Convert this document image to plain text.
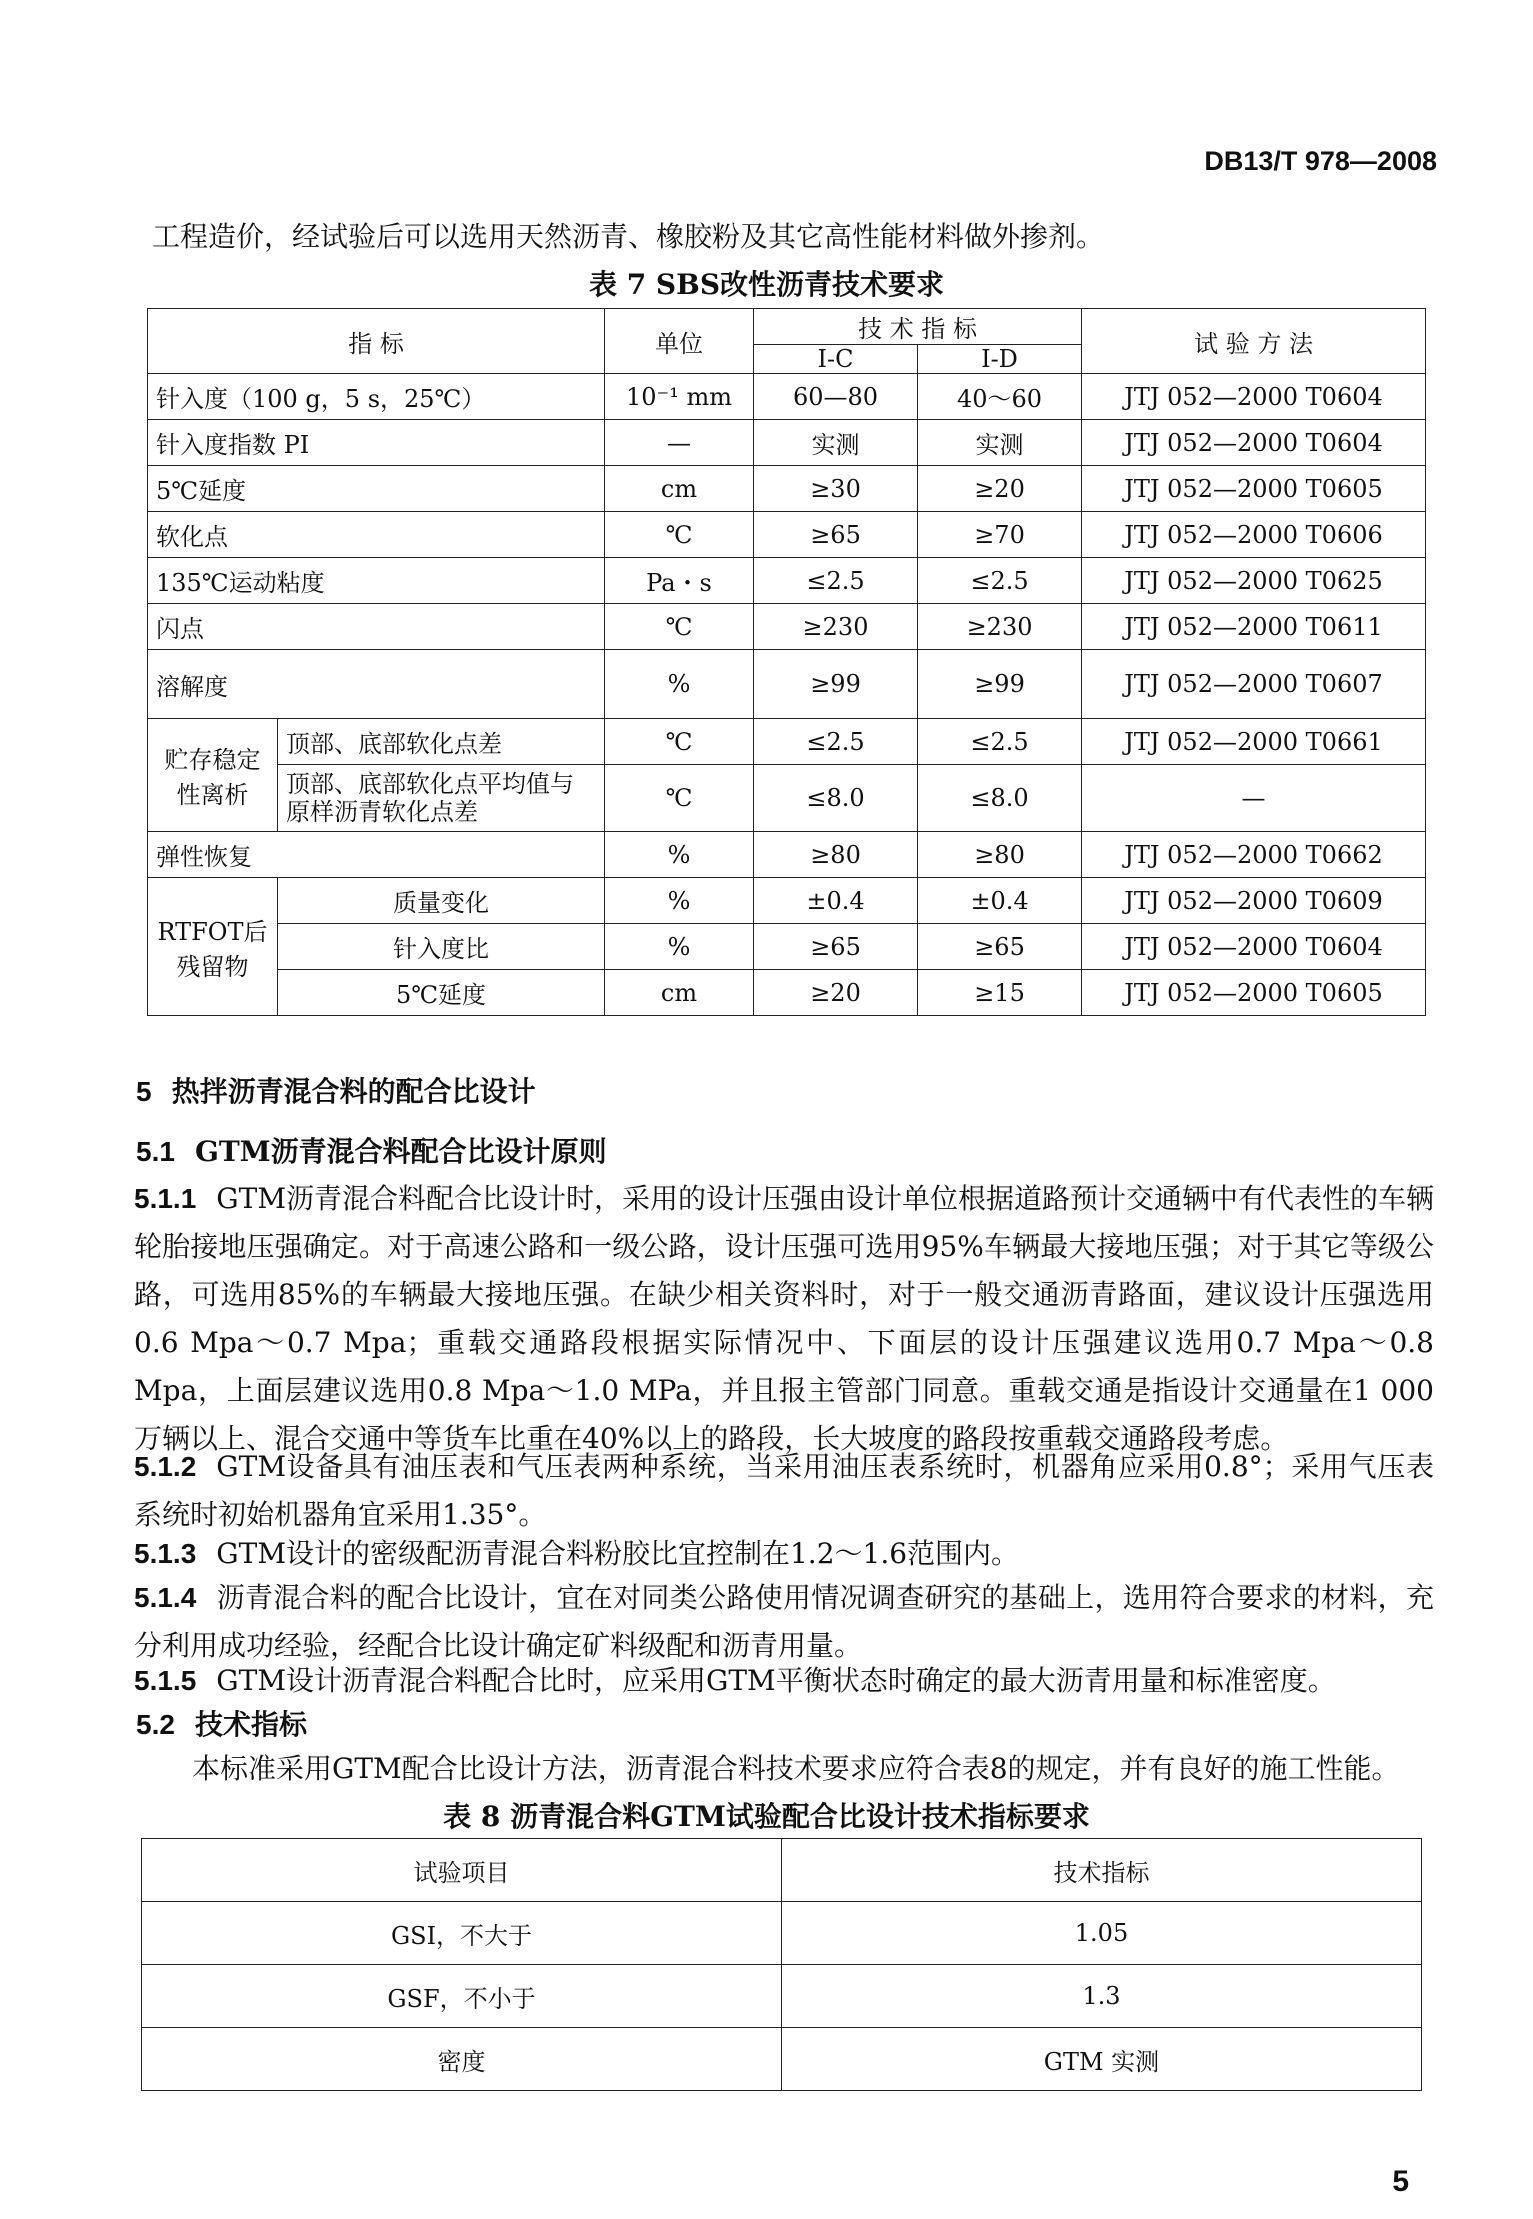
DB13/T 978—2008
工程造价，经试验后可以选用天然沥青、橡胶粉及其它高性能材料做外掺剂。
表 7 SBS改性沥青技术要求
指 标		单位	技 术 指 标		试 验 方 法
			I-C	I-D	
针入度（100 g，5 s，25℃）		10⁻¹ mm	60—80	40～60	JTJ 052—2000 T0604
针入度指数 PI		—	实测	实测	JTJ 052—2000 T0604
5℃延度		cm	≥30	≥20	JTJ 052—2000 T0605
软化点		℃	≥65	≥70	JTJ 052—2000 T0606
135℃运动粘度		Pa・s	≤2.5	≤2.5	JTJ 052—2000 T0625
闪点		℃	≥230	≥230	JTJ 052—2000 T0611
溶解度		%	≥99	≥99	JTJ 052—2000 T0607
贮存稳定性离析	顶部、底部软化点差	℃	≤2.5	≤2.5	JTJ 052—2000 T0661
	顶部、底部软化点平均值与原样沥青软化点差	℃	≤8.0	≤8.0	—
弹性恢复		%	≥80	≥80	JTJ 052—2000 T0662
RTFOT后残留物	质量变化	%	±0.4	±0.4	JTJ 052—2000 T0609
	针入度比	%	≥65	≥65	JTJ 052—2000 T0604
	5℃延度	cm	≥20	≥15	JTJ 052—2000 T0605
5 热拌沥青混合料的配合比设计
5.1 GTM沥青混合料配合比设计原则
5.1.1 GTM沥青混合料配合比设计时，采用的设计压强由设计单位根据道路预计交通辆中有代表性的车辆轮胎接地压强确定。对于高速公路和一级公路，设计压强可选用95%车辆最大接地压强；对于其它等级公路，可选用85%的车辆最大接地压强。在缺少相关资料时，对于一般交通沥青路面，建议设计压强选用0.6 Mpa～0.7 Mpa；重载交通路段根据实际情况中、下面层的设计压强建议选用0.7 Mpa～0.8 Mpa，上面层建议选用0.8 Mpa～1.0 MPa，并且报主管部门同意。重载交通是指设计交通量在1 000万辆以上、混合交通中等货车比重在40%以上的路段，长大坡度的路段按重载交通路段考虑。
5.1.2 GTM设备具有油压表和气压表两种系统，当采用油压表系统时，机器角应采用0.8°；采用气压表系统时初始机器角宜采用1.35°。
5.1.3 GTM设计的密级配沥青混合料粉胶比宜控制在1.2～1.6范围内。
5.1.4 沥青混合料的配合比设计，宜在对同类公路使用情况调查研究的基础上，选用符合要求的材料，充分利用成功经验，经配合比设计确定矿料级配和沥青用量。
5.1.5 GTM设计沥青混合料配合比时，应采用GTM平衡状态时确定的最大沥青用量和标准密度。
5.2 技术指标
本标准采用GTM配合比设计方法，沥青混合料技术要求应符合表8的规定，并有良好的施工性能。
表 8 沥青混合料GTM试验配合比设计技术指标要求
试验项目	技术指标
GSI，不大于	1.05
GSF，不小于	1.3
密度	GTM 实测
5
